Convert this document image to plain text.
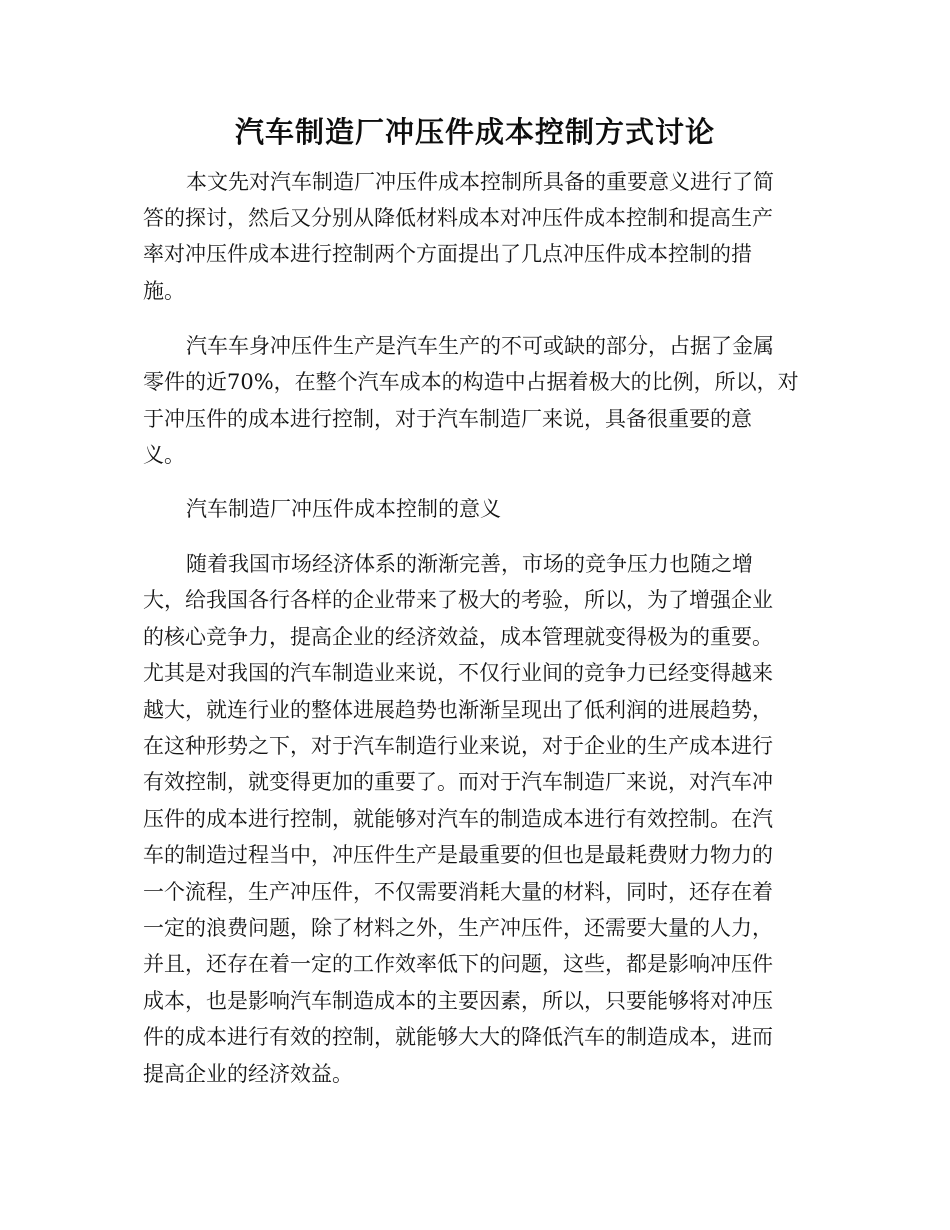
汽车制造厂冲压件成本控制方式讨论
本文先对汽车制造厂冲压件成本控制所具备的重要意义进行了简
答的探讨，然后又分别从降低材料成本对冲压件成本控制和提高生产
率对冲压件成本进行控制两个方面提出了几点冲压件成本控制的措
施。
汽车车身冲压件生产是汽车生产的不可或缺的部分，占据了金属
零件的近70%，在整个汽车成本的构造中占据着极大的比例，所以，对
于冲压件的成本进行控制，对于汽车制造厂来说，具备很重要的意
义。
汽车制造厂冲压件成本控制的意义
随着我国市场经济体系的渐渐完善，市场的竞争压力也随之增
大，给我国各行各样的企业带来了极大的考验，所以，为了增强企业
的核心竞争力，提高企业的经济效益，成本管理就变得极为的重要。
尤其是对我国的汽车制造业来说，不仅行业间的竞争力已经变得越来
越大，就连行业的整体进展趋势也渐渐呈现出了低利润的进展趋势，
在这种形势之下，对于汽车制造行业来说，对于企业的生产成本进行
有效控制，就变得更加的重要了。而对于汽车制造厂来说，对汽车冲
压件的成本进行控制，就能够对汽车的制造成本进行有效控制。在汽
车的制造过程当中，冲压件生产是最重要的但也是最耗费财力物力的
一个流程，生产冲压件，不仅需要消耗大量的材料，同时，还存在着
一定的浪费问题，除了材料之外，生产冲压件，还需要大量的人力，
并且，还存在着一定的工作效率低下的问题，这些，都是影响冲压件
成本，也是影响汽车制造成本的主要因素，所以，只要能够将对冲压
件的成本进行有效的控制，就能够大大的降低汽车的制造成本，进而
提高企业的经济效益。
